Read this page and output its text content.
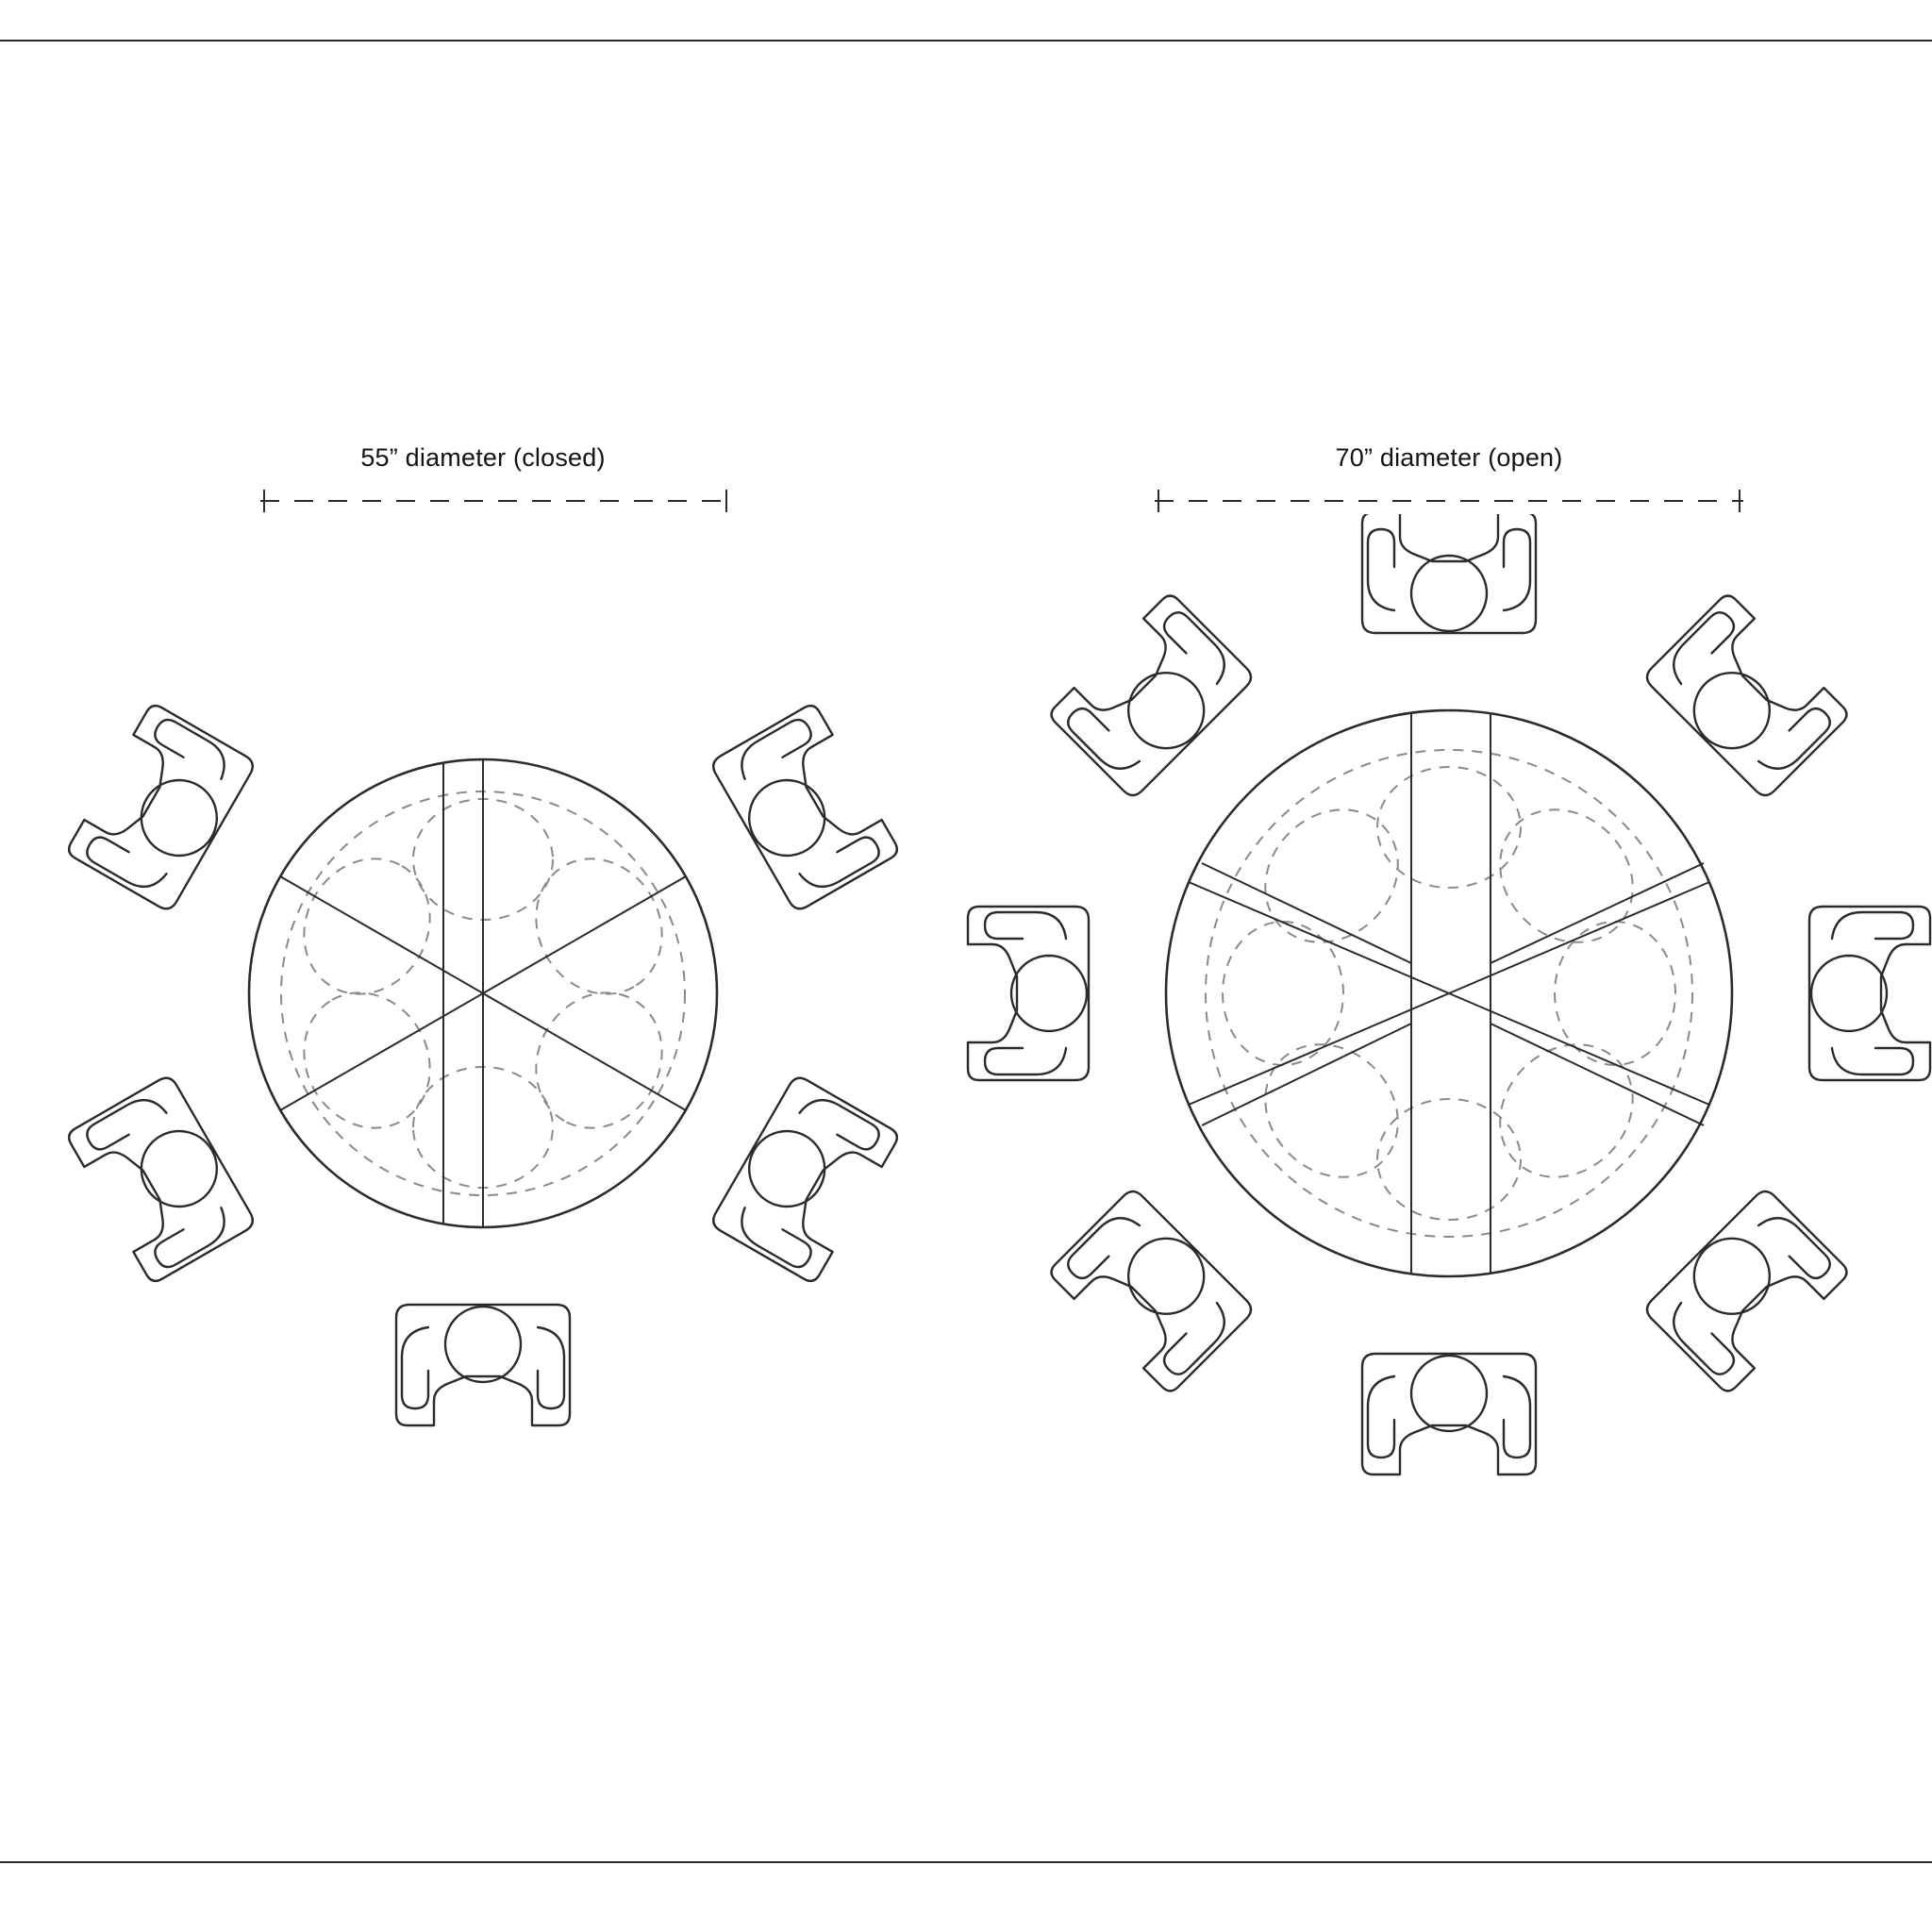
55” diameter (closed)	70” diameter (open)
